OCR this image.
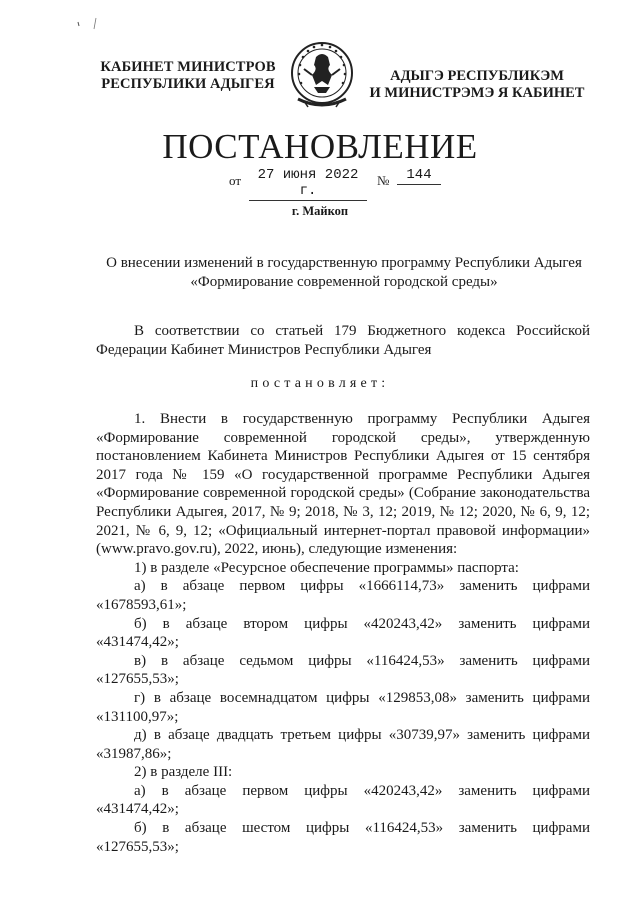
КАБИНЕТ МИНИСТРОВ
РЕСПУБЛИКИ АДЫГЕЯ	АДЫГЭ РЕСПУБЛИКЭМ
И МИНИСТРЭМЭ Я КАБИНЕТ
ПОСТАНОВЛЕНИЕ
от	27 июня 2022 г.
№	144
г. Майкоп
О внесении изменений в государственную программу Республики Адыгея
«Формирование современной городской среды»
В соответствии со статьей 179 Бюджетного кодекса Российской Федерации Кабинет Министров Республики Адыгея
постановляет:

1. Внести в государственную программу Республики Адыгея «Формирование современной городской среды», утвержденную постановлением Кабинета Министров Республики Адыгея от 15 сентября 2017 года № 159 «О государственной программе Республики Адыгея «Формирование современной городской среды» (Собрание законодательства Республики Адыгея, 2017, № 9; 2018, № 3, 12; 2019, № 12; 2020, № 6, 9, 12; 2021, № 6, 9, 12; «Официальный интернет-портал правовой информации» (www.pravo.gov.ru), 2022, июнь), следующие изменения:

1) в разделе «Ресурсное обеспечение программы» паспорта:

а) в абзаце первом цифры «1666114,73» заменить цифрами «1678593,61»;

б) в абзаце втором цифры «420243,42» заменить цифрами «431474,42»;

в) в абзаце седьмом цифры «116424,53» заменить цифрами «127655,53»;

г) в абзаце восемнадцатом цифры «129853,08» заменить цифрами «131100,97»;

д) в абзаце двадцать третьем цифры «30739,97» заменить цифрами «31987,86»;

2) в разделе III:

а) в абзаце первом цифры «420243,42» заменить цифрами «431474,42»;

б) в абзаце шестом цифры «116424,53» заменить цифрами «127655,53»;
